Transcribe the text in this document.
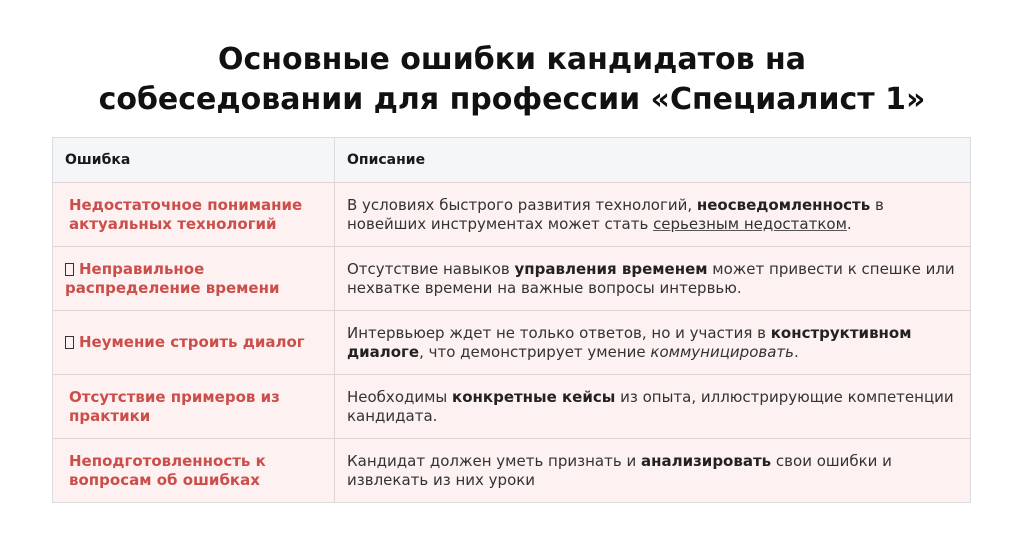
Основные ошибки кандидатов на
собеседовании для профессии «Специалист 1»
Ошибка	Описание
Недостаточное понимание актуальных технологий
В условиях быстрого развития технологий, неосведомленность в новейших инструментах может стать серьезным недостатком.
Неправильное распределение времени
Отсутствие навыков управления временем может привести к спешке или нехватке времени на важные вопросы интервью.
Неумение строить диалог
Интервьюер ждет не только ответов, но и участия в конструктивном диалоге, что демонстрирует умение коммуницировать.
Отсутствие примеров из практики
Необходимы конкретные кейсы из опыта, иллюстрирующие компетенции кандидата.
Неподготовленность к вопросам об ошибках
Кандидат должен уметь признать и анализировать свои ошибки и извлекать из них уроки
